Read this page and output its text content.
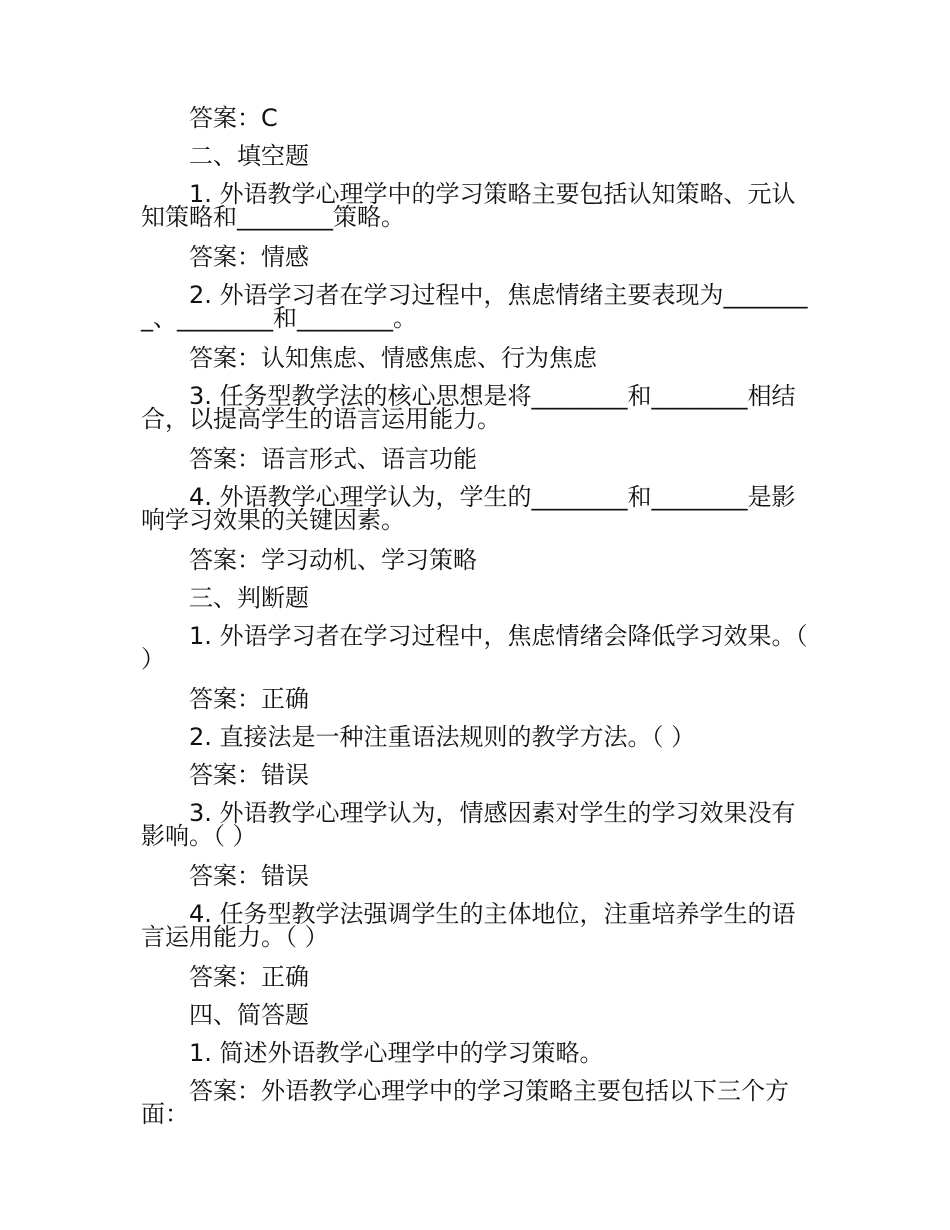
答案：C

二、填空题

1. 外语教学心理学中的学习策略主要包括认知策略、元认知策略和________策略。

答案：情感

2. 外语学习者在学习过程中，焦虑情绪主要表现为________、________和________。

答案：认知焦虑、情感焦虑、行为焦虑

3. 任务型教学法的核心思想是将________和________相结合，以提高学生的语言运用能力。

答案：语言形式、语言功能

4. 外语教学心理学认为，学生的________和________是影响学习效果的关键因素。

答案：学习动机、学习策略

三、判断题

1. 外语学习者在学习过程中，焦虑情绪会降低学习效果。（ ）

答案：正确

2. 直接法是一种注重语法规则的教学方法。（ ）

答案：错误

3. 外语教学心理学认为，情感因素对学生的学习效果没有影响。（ ）

答案：错误

4. 任务型教学法强调学生的主体地位，注重培养学生的语言运用能力。（ ）

答案：正确

四、简答题

1. 简述外语教学心理学中的学习策略。

答案：外语教学心理学中的学习策略主要包括以下三个方面：
